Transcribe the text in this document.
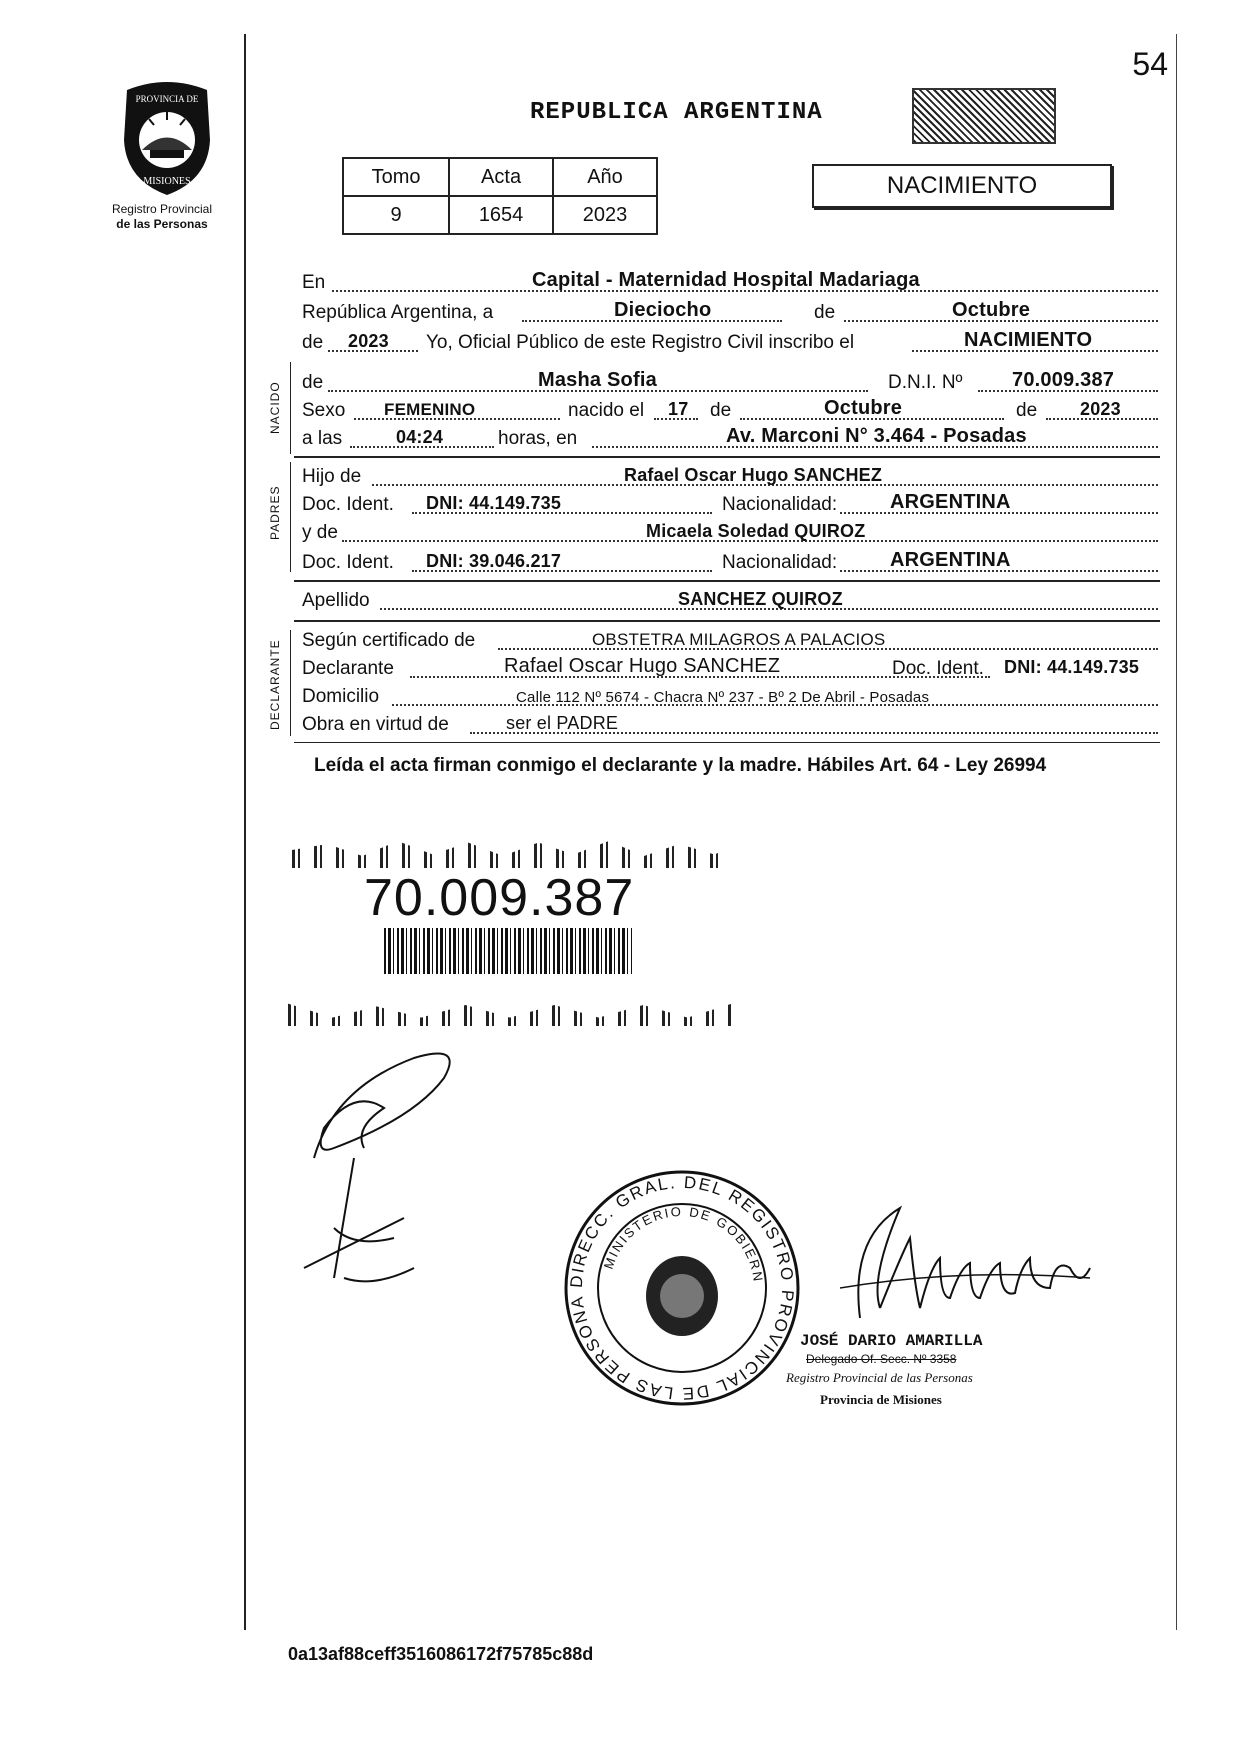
54
PROVINCIA DE
MISIONES
Registro Provincial
de las Personas
REPUBLICA ARGENTINA
NACIMIENTO
Tomo	Acta	Año
9	1654	2023
En	Capital - Maternidad Hospital Madariaga
República Argentina, a	Dieciocho	de	Octubre
de 2023 Yo, Oficial Público de este Registro Civil inscribo el	NACIMIENTO
NACIDO de	Masha Sofia	D.N.I. Nº 70.009.387
Sexo FEMENINO	nacido el 17 de	Octubre	de 2023
a las	04:24	horas, en	Av. Marconi N° 3.464 - Posadas
PADRES
Hijo de	Rafael Oscar Hugo SANCHEZ
Doc. Ident. DNI: 44.149.735	Nacionalidad:	ARGENTINA
y de	Micaela Soledad QUIROZ
Doc. Ident. DNI: 39.046.217	Nacionalidad:	ARGENTINA
Apellido	SANCHEZ QUIROZ
DECLARANTE Según certificado de	OBSTETRA MILAGROS A PALACIOS
Declarante	Rafael Oscar Hugo SANCHEZ	Doc. Ident. DNI: 44.149.735
Domicilio	Calle 112 Nº 5674 - Chacra Nº 237 - Bº 2 De Abril - Posadas
Obra en virtud de	ser el PADRE
Leída el acta firman conmigo el declarante y la madre. Hábiles Art. 64 - Ley 26994
70.009.387
DIRECC. GRAL. DEL REGISTRO PROVINCIAL DE LAS PERSONA
MINISTERIO DE GOBIERN
JOSÉ DARIO AMARILLA
Delegado Of. Secc. Nº 3358
Registro Provincial de las Personas
Provincia de Misiones
0a13af88ceff3516086172f75785c88d
